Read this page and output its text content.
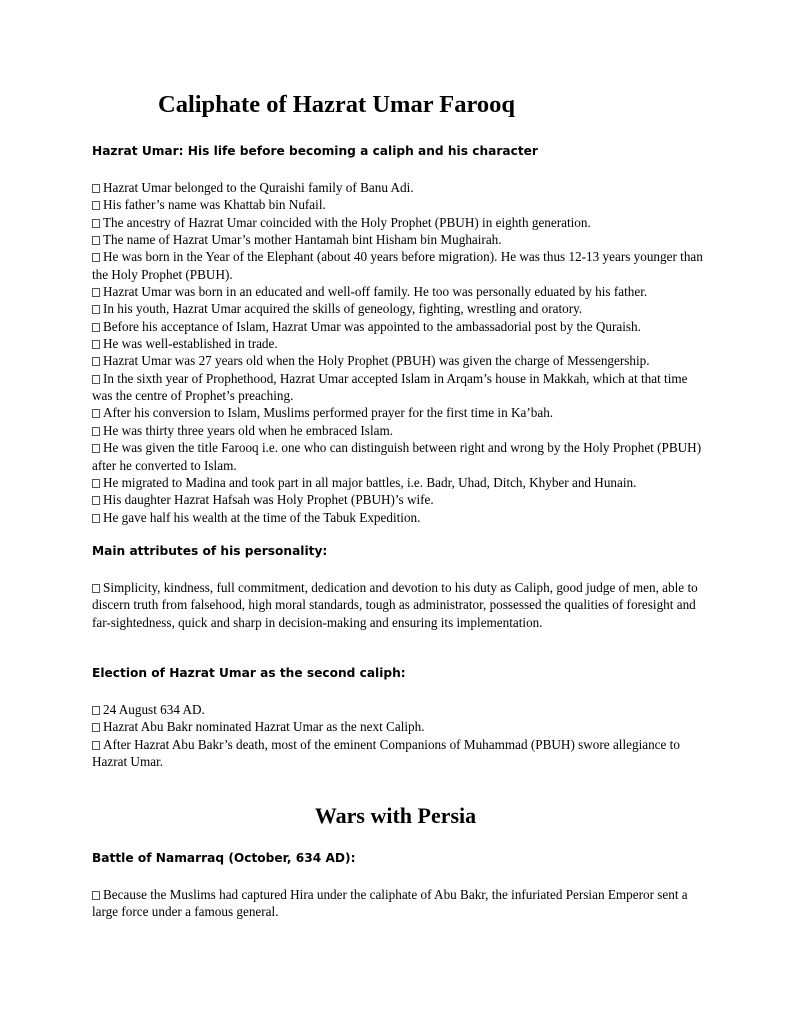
Caliphate of Hazrat Umar Farooq
Hazrat Umar: His life before becoming a caliph and his character
Hazrat Umar belonged to the Quraishi family of Banu Adi.
His father’s name was Khattab bin Nufail.
The ancestry of Hazrat Umar coincided with the Holy Prophet (PBUH) in eighth generation.
The name of Hazrat Umar’s mother Hantamah bint Hisham bin Mughairah.
He was born in the Year of the Elephant (about 40 years before migration). He was thus 12-13 years younger than the Holy Prophet (PBUH).
Hazrat Umar was born in an educated and well-off family. He too was personally eduated by his father.
In his youth, Hazrat Umar acquired the skills of geneology, fighting, wrestling and oratory.
Before his acceptance of Islam, Hazrat Umar was appointed to the ambassadorial post by the Quraish.
He was well-established in trade.
Hazrat Umar was 27 years old when the Holy Prophet (PBUH) was given the charge of Messengership.
In the sixth year of Prophethood, Hazrat Umar accepted Islam in Arqam’s house in Makkah, which at that time was the centre of Prophet’s preaching.
After his conversion to Islam, Muslims performed prayer for the first time in Ka’bah.
He was thirty three years old when he embraced Islam.
He was given the title Farooq i.e. one who can distinguish between right and wrong by the Holy Prophet (PBUH) after he converted to Islam.
He migrated to Madina and took part in all major battles, i.e. Badr, Uhad, Ditch, Khyber and Hunain.
His daughter Hazrat Hafsah was Holy Prophet (PBUH)’s wife.
He gave half his wealth at the time of the Tabuk Expedition.
Main attributes of his personality:
Simplicity, kindness, full commitment, dedication and devotion to his duty as Caliph, good judge of men, able to discern truth from falsehood, high moral standards, tough as administrator, possessed the qualities of foresight and far-sightedness, quick and sharp in decision-making and ensuring its implementation.
Election of Hazrat Umar as the second caliph:
24 August 634 AD.
Hazrat Abu Bakr nominated Hazrat Umar as the next Caliph.
After Hazrat Abu Bakr’s death, most of the eminent Companions of Muhammad (PBUH) swore allegiance to Hazrat Umar.
Wars with Persia
Battle of Namarraq (October, 634 AD):
Because the Muslims had captured Hira under the caliphate of Abu Bakr, the infuriated Persian Emperor sent a large force under a famous general.
